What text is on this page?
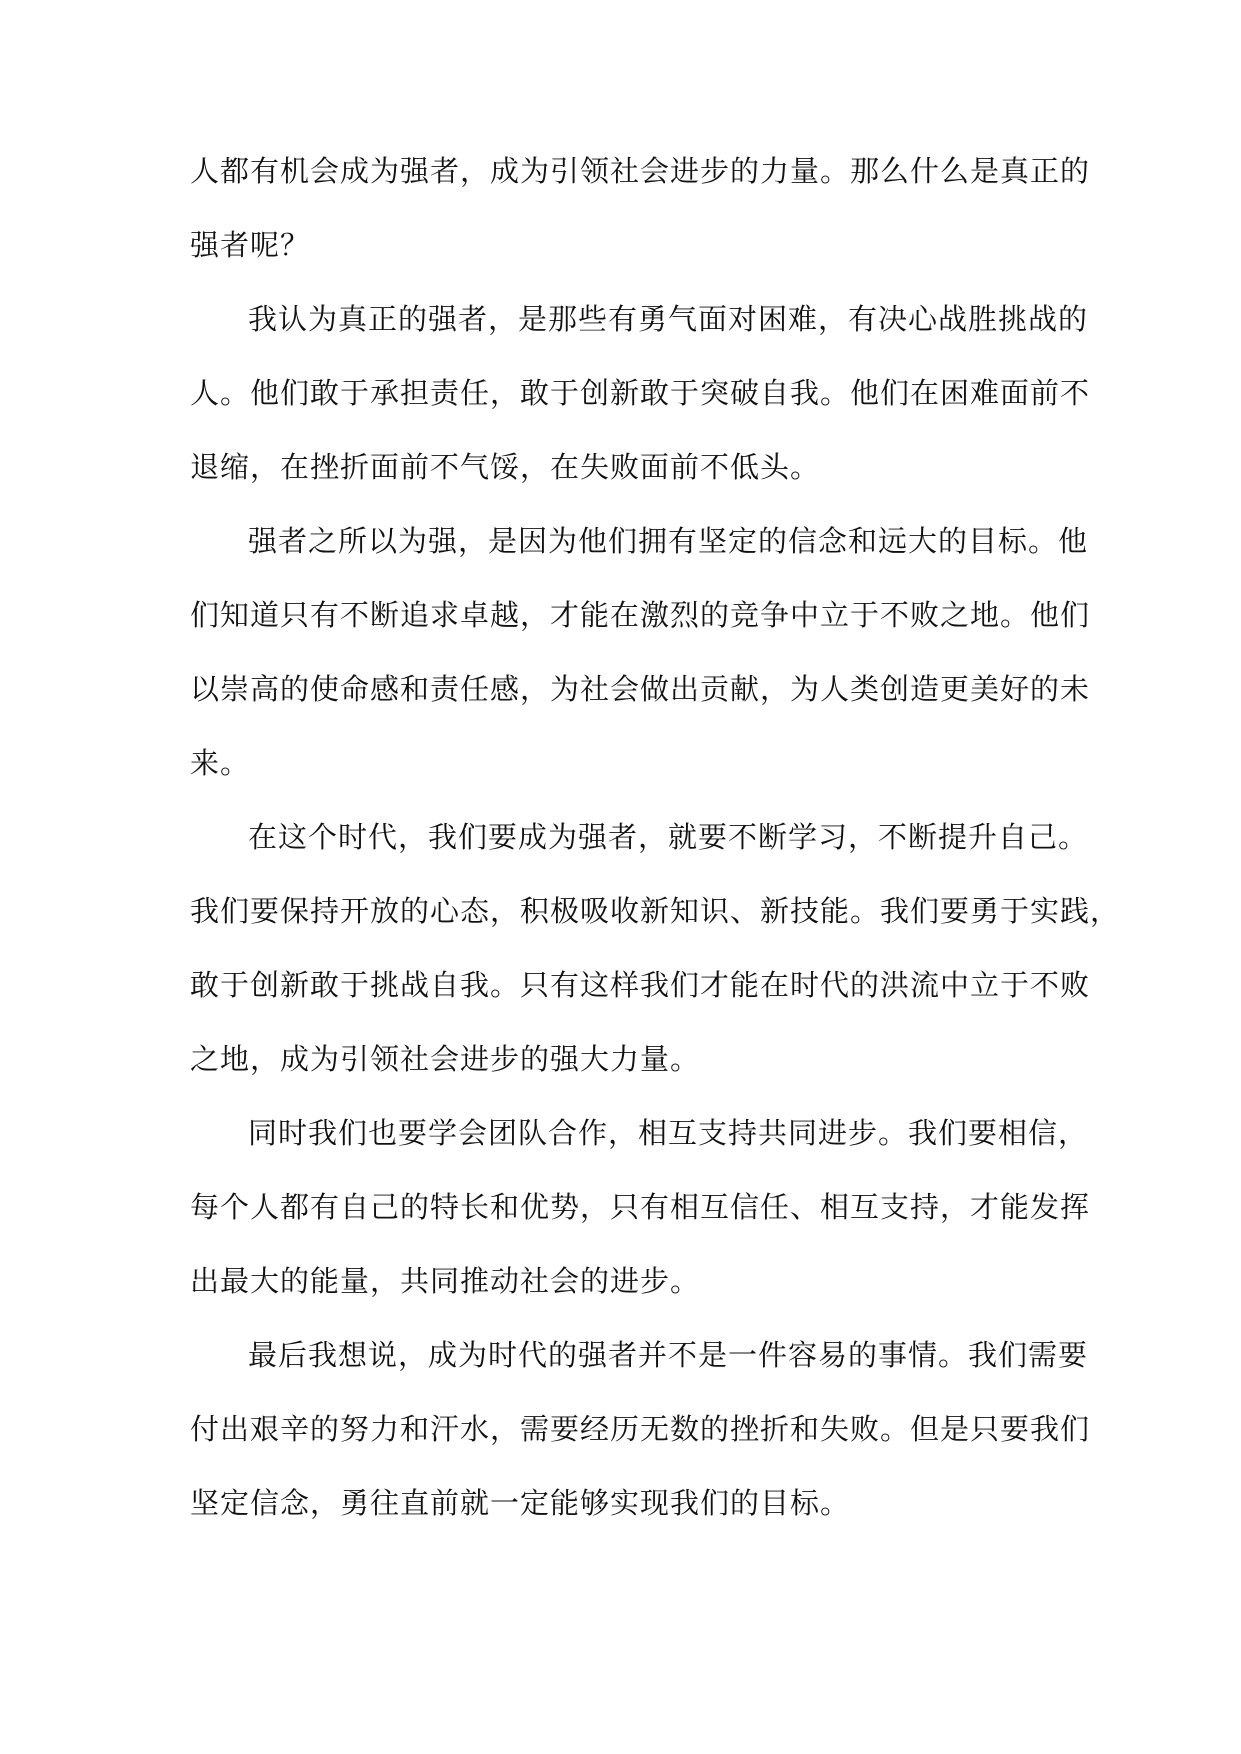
人都有机会成为强者，成为引领社会进步的力量。那么什么是真正的
强者呢？
我认为真正的强者，是那些有勇气面对困难，有决心战胜挑战的
人。他们敢于承担责任，敢于创新敢于突破自我。他们在困难面前不
退缩，在挫折面前不气馁，在失败面前不低头。
强者之所以为强，是因为他们拥有坚定的信念和远大的目标。他
们知道只有不断追求卓越，才能在激烈的竞争中立于不败之地。他们
以崇高的使命感和责任感，为社会做出贡献，为人类创造更美好的未
来。
在这个时代，我们要成为强者，就要不断学习，不断提升自己。
我们要保持开放的心态，积极吸收新知识、新技能。我们要勇于实践，
敢于创新敢于挑战自我。只有这样我们才能在时代的洪流中立于不败
之地，成为引领社会进步的强大力量。
同时我们也要学会团队合作，相互支持共同进步。我们要相信，
每个人都有自己的特长和优势，只有相互信任、相互支持，才能发挥
出最大的能量，共同推动社会的进步。
最后我想说，成为时代的强者并不是一件容易的事情。我们需要
付出艰辛的努力和汗水，需要经历无数的挫折和失败。但是只要我们
坚定信念，勇往直前就一定能够实现我们的目标。
